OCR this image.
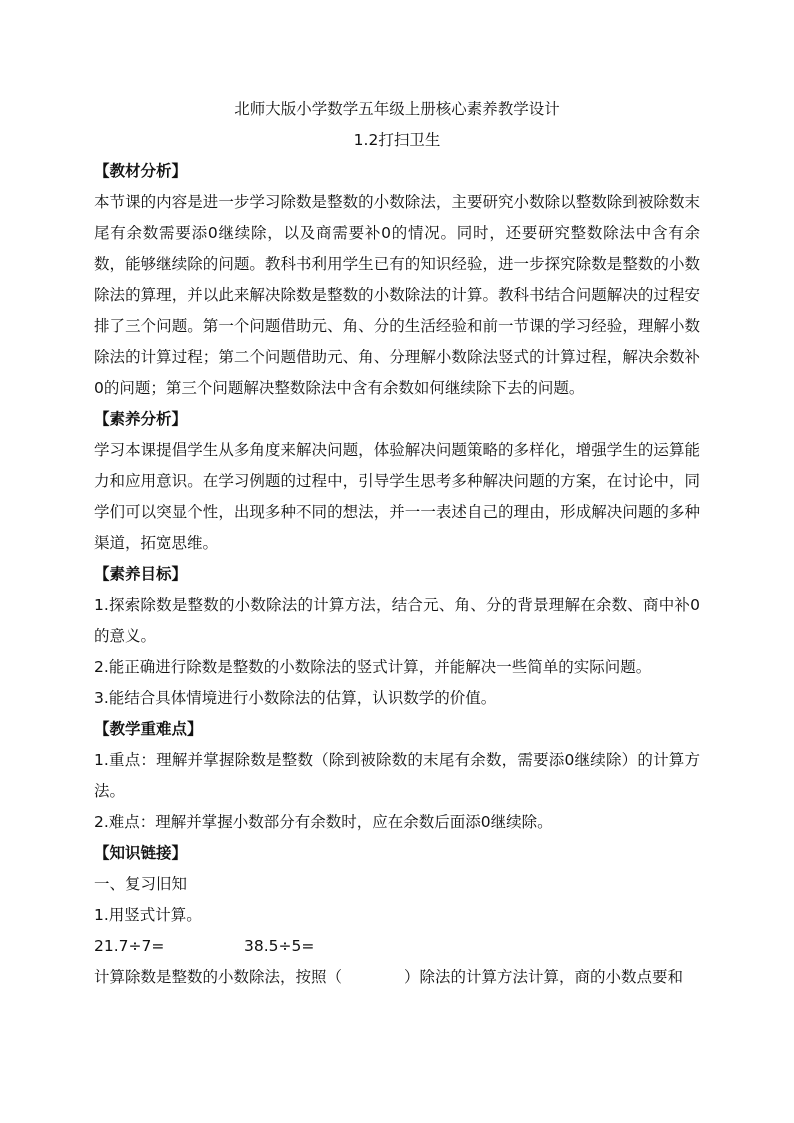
北师大版小学数学五年级上册核心素养教学设计

1.2打扫卫生

【教材分析】

本节课的内容是进一步学习除数是整数的小数除法，主要研究小数除以整数除到被除数末尾有余数需要添0继续除，以及商需要补0的情况。同时，还要研究整数除法中含有余数，能够继续除的问题。教科书利用学生已有的知识经验，进一步探究除数是整数的小数除法的算理，并以此来解决除数是整数的小数除法的计算。教科书结合问题解决的过程安排了三个问题。第一个问题借助元、角、分的生活经验和前一节课的学习经验，理解小数除法的计算过程；第二个问题借助元、角、分理解小数除法竖式的计算过程，解决余数补0的问题；第三个问题解决整数除法中含有余数如何继续除下去的问题。

【素养分析】

学习本课提倡学生从多角度来解决问题，体验解决问题策略的多样化，增强学生的运算能力和应用意识。在学习例题的过程中，引导学生思考多种解决问题的方案，在讨论中，同学们可以突显个性，出现多种不同的想法，并一一表述自己的理由，形成解决问题的多种渠道，拓宽思维。

【素养目标】

1.探索除数是整数的小数除法的计算方法，结合元、角、分的背景理解在余数、商中补0的意义。

2.能正确进行除数是整数的小数除法的竖式计算，并能解决一些简单的实际问题。

3.能结合具体情境进行小数除法的估算，认识数学的价值。

【教学重难点】

1.重点：理解并掌握除数是整数（除到被除数的末尾有余数，需要添0继续除）的计算方法。

2.难点：理解并掌握小数部分有余数时，应在余数后面添0继续除。

【知识链接】

一、复习旧知

1.用竖式计算。

21.7÷7=	38.5÷5=

计算除数是整数的小数除法，按照（　　　　）除法的计算方法计算，商的小数点要和
